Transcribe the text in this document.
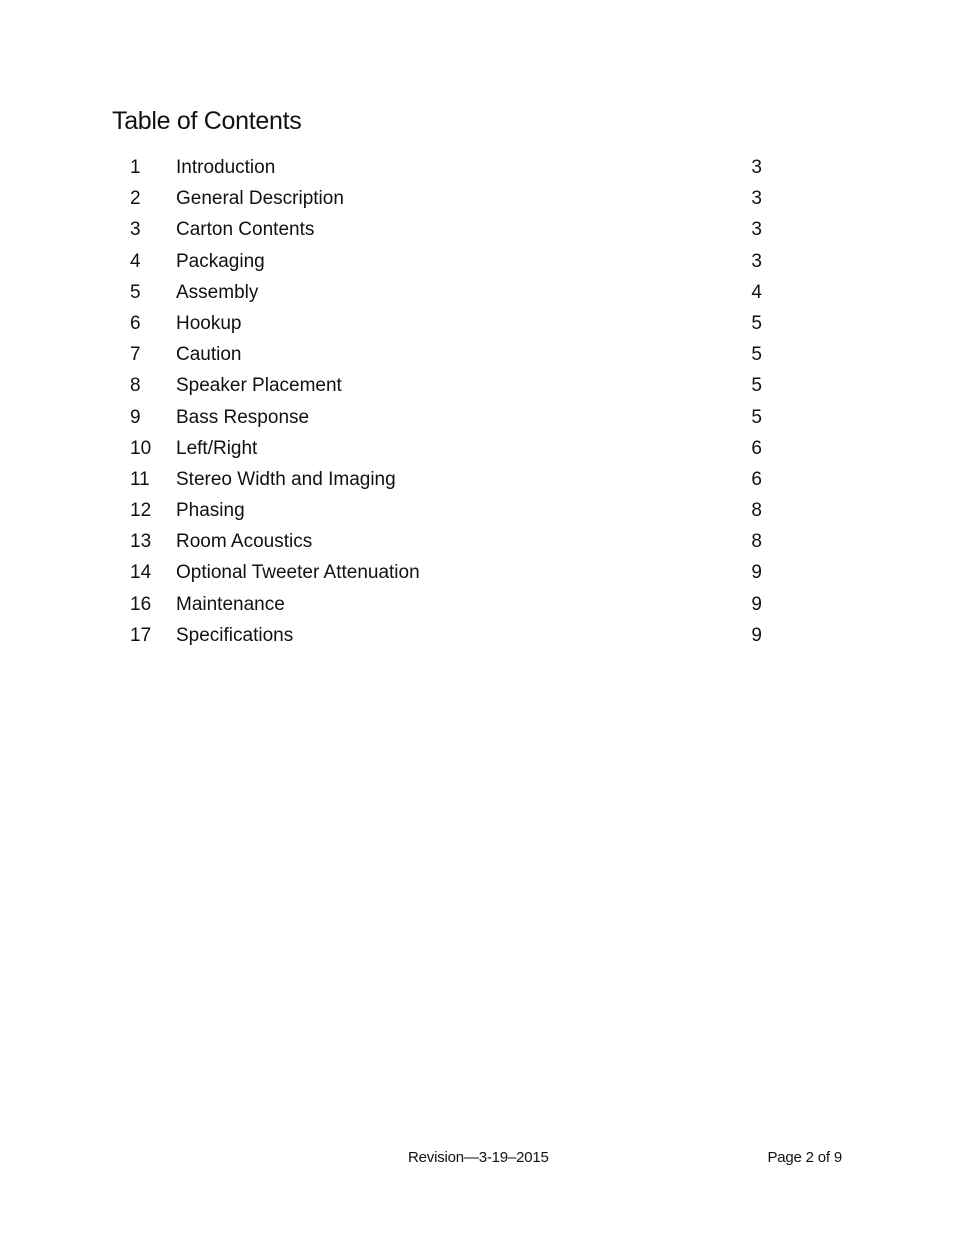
Table of Contents
1 Introduction	3
2 General Description	3
3 Carton Contents	3
4 Packaging	3
5 Assembly	4
6 Hookup	5
7 Caution	5
8 Speaker Placement	5
9 Bass Response	5
10 Left/Right	6
11 Stereo Width and Imaging	6
12 Phasing	8
13 Room Acoustics	8
14 Optional Tweeter Attenuation	9
16 Maintenance	9
17 Specifications	9
Revision—3-19–2015	Page 2 of 9
